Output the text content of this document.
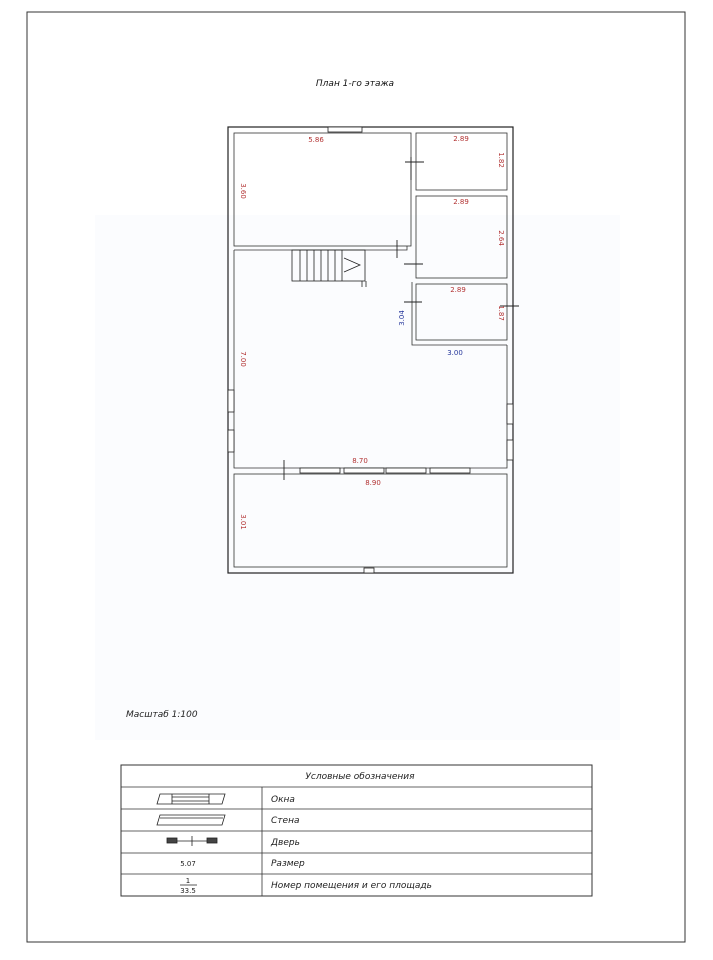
План 1-го этажа
5.86
3.60
2.89
1.82
2.89
2.64
2.89
1.87
3.04
3.00
7.00
8.70
8.90
3.01
Масштаб 1:100
Условные обозначения
Окна
Стена
Дверь
5.07	Размер
1
33.5	Номер помещения и его площадь
